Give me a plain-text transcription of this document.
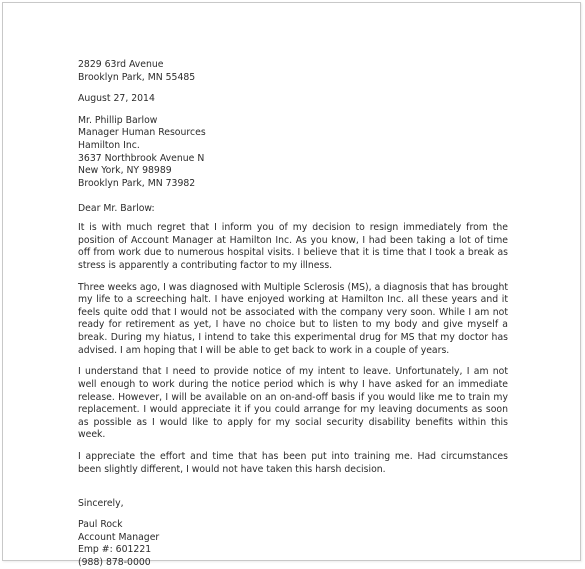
2829 63rd Avenue
Brooklyn Park, MN 55485
August 27, 2014
Mr. Phillip Barlow
Manager Human Resources
Hamilton Inc.
3637 Northbrook Avenue N
New York, NY 98989
Brooklyn Park, MN 73982
Dear Mr. Barlow:

It is with much regret that I inform you of my decision to resign immediately from the position of Account Manager at Hamilton Inc. As you know, I had been taking a lot of time off from work due to numerous hospital visits. I believe that it is time that I took a break as stress is apparently a contributing factor to my illness.

Three weeks ago, I was diagnosed with Multiple Sclerosis (MS), a diagnosis that has brought my life to a screeching halt. I have enjoyed working at Hamilton Inc. all these years and it feels quite odd that I would not be associated with the company very soon. While I am not ready for retirement as yet, I have no choice but to listen to my body and give myself a break. During my hiatus, I intend to take this experimental drug for MS that my doctor has advised. I am hoping that I will be able to get back to work in a couple of years.

I understand that I need to provide notice of my intent to leave. Unfortunately, I am not well enough to work during the notice period which is why I have asked for an immediate release. However, I will be available on an on-and-off basis if you would like me to train my replacement. I would appreciate it if you could arrange for my leaving documents as soon as possible as I would like to apply for my social security disability benefits within this week.

I appreciate the effort and time that has been put into training me. Had circumstances been slightly different, I would not have taken this harsh decision.

Sincerely,
Paul Rock
Account Manager
Emp #: 601221
(988) 878-0000
